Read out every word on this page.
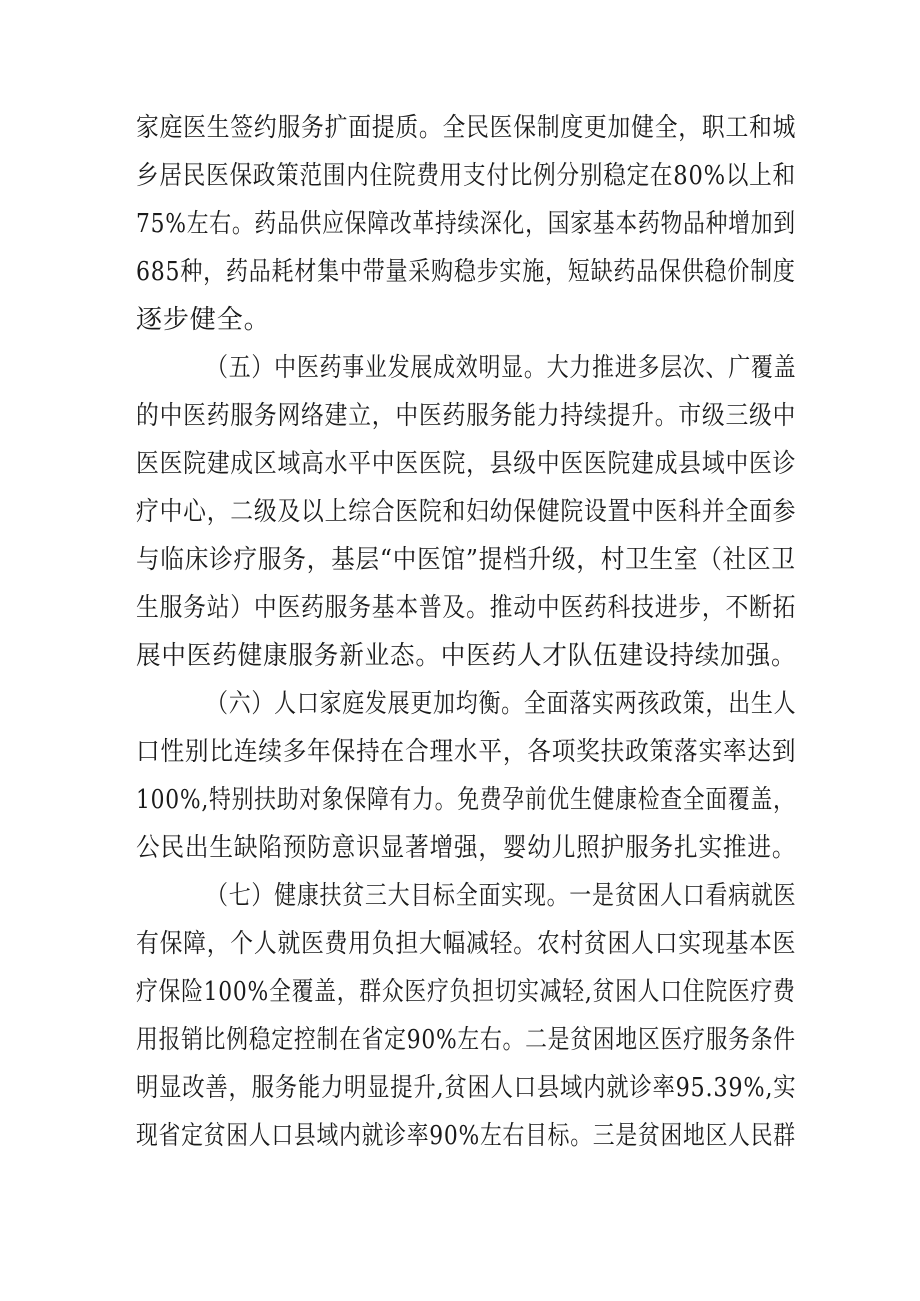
家庭医生签约服务扩面提质。全民医保制度更加健全，职工和城
乡居民医保政策范围内住院费用支付比例分别稳定在80%以上和
75%左右。药品供应保障改革持续深化，国家基本药物品种增加到
685种，药品耗材集中带量采购稳步实施，短缺药品保供稳价制度
逐步健全。
（五）中医药事业发展成效明显。大力推进多层次、广覆盖
的中医药服务网络建立，中医药服务能力持续提升。市级三级中
医医院建成区域高水平中医医院，县级中医医院建成县域中医诊
疗中心，二级及以上综合医院和妇幼保健院设置中医科并全面参
与临床诊疗服务，基层“中医馆”提档升级，村卫生室（社区卫
生服务站）中医药服务基本普及。推动中医药科技进步，不断拓
展中医药健康服务新业态。中医药人才队伍建设持续加强。
（六）人口家庭发展更加均衡。全面落实两孩政策，出生人
口性别比连续多年保持在合理水平，各项奖扶政策落实率达到
100%,特别扶助对象保障有力。免费孕前优生健康检查全面覆盖，
公民出生缺陷预防意识显著增强，婴幼儿照护服务扎实推进。
（七）健康扶贫三大目标全面实现。一是贫困人口看病就医
有保障，个人就医费用负担大幅减轻。农村贫困人口实现基本医
疗保险100%全覆盖，群众医疗负担切实减轻,贫困人口住院医疗费
用报销比例稳定控制在省定90%左右。二是贫困地区医疗服务条件
明显改善，服务能力明显提升,贫困人口县域内就诊率95.39%,实
现省定贫困人口县域内就诊率90%左右目标。三是贫困地区人民群
